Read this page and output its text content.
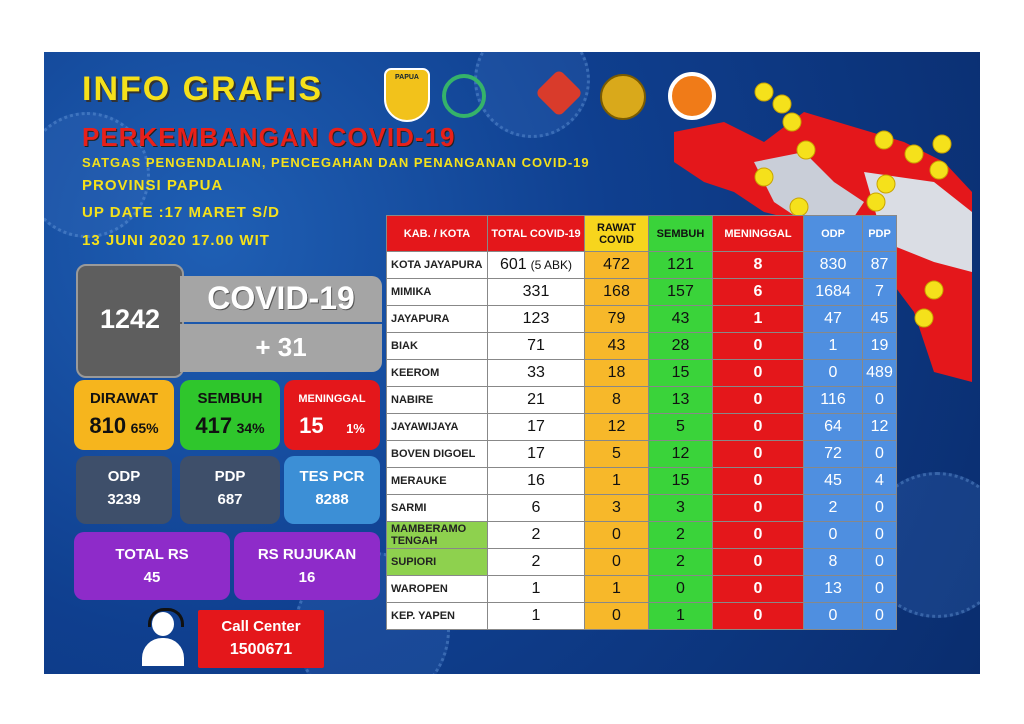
INFO GRAFIS
PERKEMBANGAN COVID-19
SATGAS PENGENDALIAN, PENCEGAHAN DAN PENANGANAN COVID-19
PROVINSI PAPUA
UP DATE :17 MARET S/D
13 JUNI 2020 17.00 WIT
PAPUA
1242
COVID-19
+ 31
DIRAWAT
810 65%
SEMBUH
417 34%
MENINGGAL
15 1%
ODP
3239
PDP
687
TES PCR
8288
TOTAL RS
45
RS RUJUKAN
16
Call Center
1500671
KAB. / KOTA	TOTAL COVID-19	RAWAT COVID	SEMBUH	MENINGGAL	ODP	PDP
KOTA JAYAPURA	601 (5 ABK)	472	121	8	830	87
MIMIKA	331	168	157	6	1684	7
JAYAPURA	123	79	43	1	47	45
BIAK	71	43	28	0	1	19
KEEROM	33	18	15	0	0	489
NABIRE	21	8	13	0	116	0
JAYAWIJAYA	17	12	5	0	64	12
BOVEN DIGOEL	17	5	12	0	72	0
MERAUKE	16	1	15	0	45	4
SARMI	6	3	3	0	2	0
MAMBERAMO TENGAH	2	0	2	0	0	0
SUPIORI	2	0	2	0	8	0
WAROPEN	1	1	0	0	13	0
KEP. YAPEN	1	0	1	0	0	0
